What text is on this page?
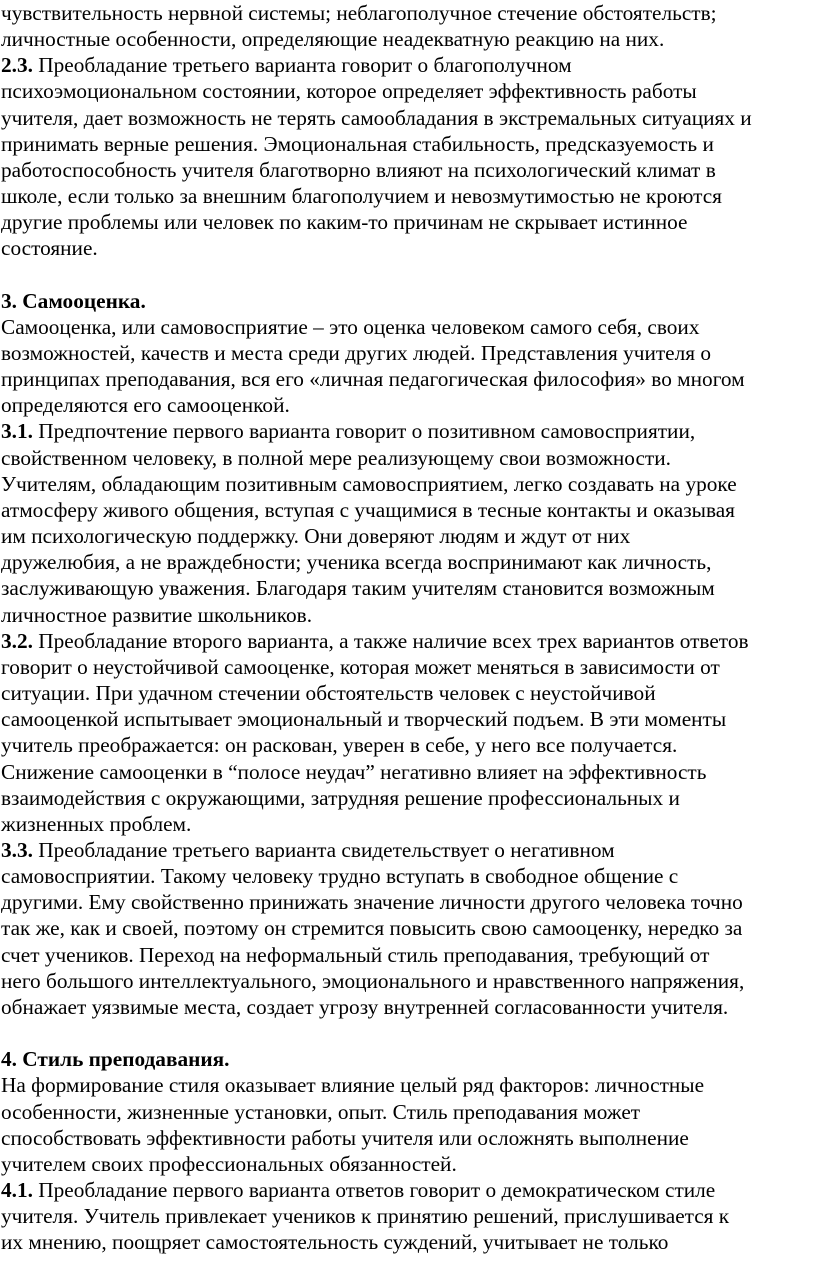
чувствительность нервной системы; неблагополучное стечение обстоятельств;
личностные особенности, определяющие неадекватную реакцию на них.
2.3. Преобладание третьего варианта говорит о благополучном
психоэмоциональном состоянии, которое определяет эффективность работы
учителя, дает возможность не терять самообладания в экстремальных ситуациях и
принимать верные решения. Эмоциональная стабильность, предсказуемость и
работоспособность учителя благотворно влияют на психологический климат в
школе, если только за внешним благополучием и невозмутимостью не кроются
другие проблемы или человек по каким-то причинам не скрывает истинное
состояние.
3. Самооценка.
Самооценка, или самовосприятие – это оценка человеком самого себя, своих
возможностей, качеств и места среди других людей. Представления учителя о
принципах преподавания, вся его «личная педагогическая философия» во многом
определяются его самооценкой.
3.1. Предпочтение первого варианта говорит о позитивном самовосприятии,
свойственном человеку, в полной мере реализующему свои возможности.
Учителям, обладающим позитивным самовосприятием, легко создавать на уроке
атмосферу живого общения, вступая с учащимися в тесные контакты и оказывая
им психологическую поддержку. Они доверяют людям и ждут от них
дружелюбия, а не враждебности; ученика всегда воспринимают как личность,
заслуживающую уважения. Благодаря таким учителям становится возможным
личностное развитие школьников.
3.2. Преобладание второго варианта, а также наличие всех трех вариантов ответов
говорит о неустойчивой самооценке, которая может меняться в зависимости от
ситуации. При удачном стечении обстоятельств человек с неустойчивой
самооценкой испытывает эмоциональный и творческий подъем. В эти моменты
учитель преображается: он раскован, уверен в себе, у него все получается.
Снижение самооценки в “полосе неудач” негативно влияет на эффективность
взаимодействия с окружающими, затрудняя решение профессиональных и
жизненных проблем.
3.3. Преобладание третьего варианта свидетельствует о негативном
самовосприятии. Такому человеку трудно вступать в свободное общение с
другими. Ему свойственно принижать значение личности другого человека точно
так же, как и своей, поэтому он стремится повысить свою самооценку, нередко за
счет учеников. Переход на неформальный стиль преподавания, требующий от
него большого интеллектуального, эмоционального и нравственного напряжения,
обнажает уязвимые места, создает угрозу внутренней согласованности учителя.
4. Стиль преподавания.
На формирование стиля оказывает влияние целый ряд факторов: личностные
особенности, жизненные установки, опыт. Стиль преподавания может
способствовать эффективности работы учителя или осложнять выполнение
учителем своих профессиональных обязанностей.
4.1. Преобладание первого варианта ответов говорит о демократическом стиле
учителя. Учитель привлекает учеников к принятию решений, прислушивается к
их мнению, поощряет самостоятельность суждений, учитывает не только
